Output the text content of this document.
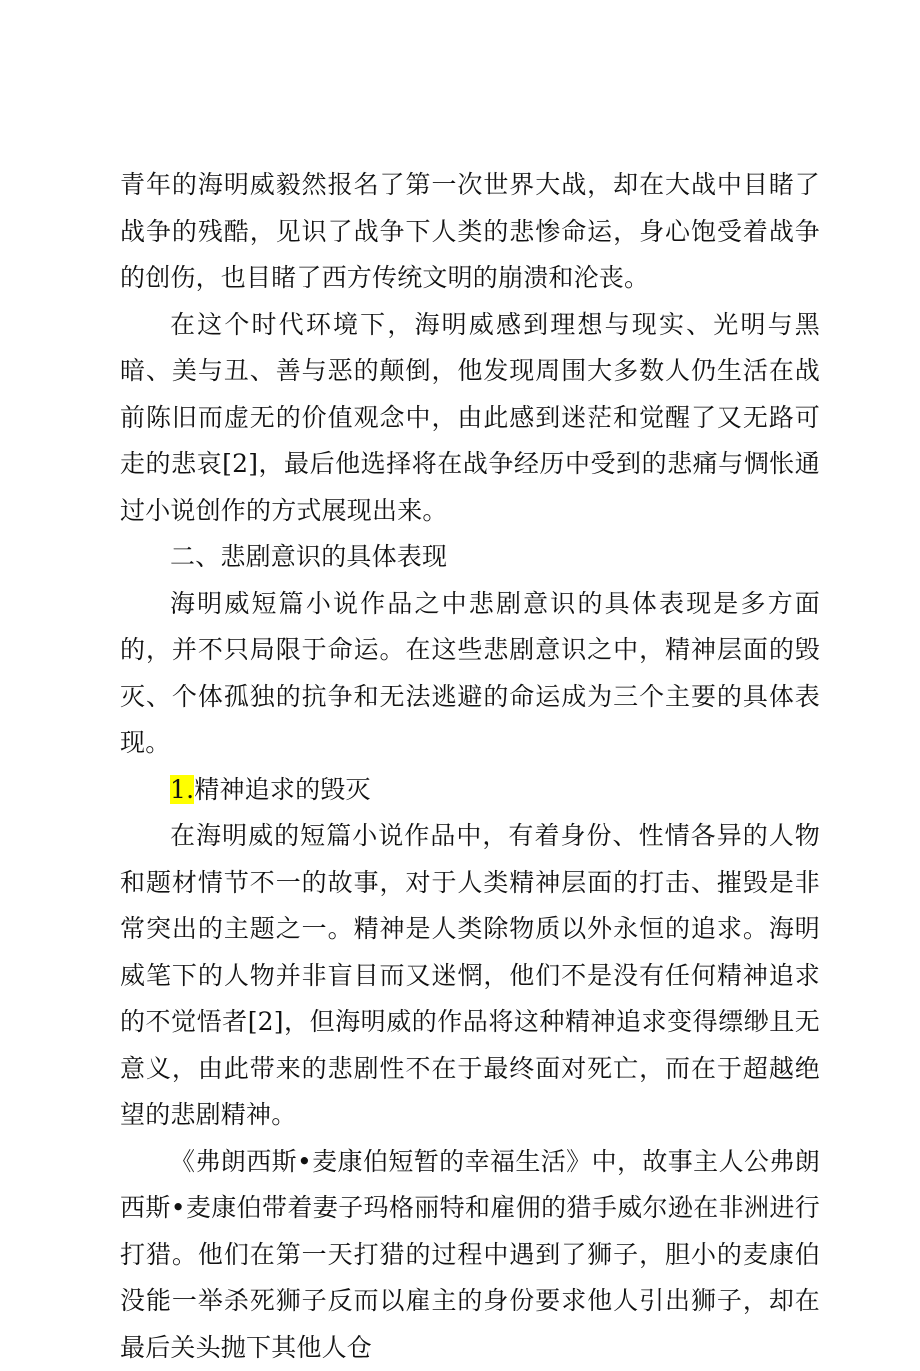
青年的海明威毅然报名了第一次世界大战，却在大战中目睹了战争的残酷，见识了战争下人类的悲惨命运，身心饱受着战争的创伤，也目睹了西方传统文明的崩溃和沦丧。

在这个时代环境下，海明威感到理想与现实、光明与黑暗、美与丑、善与恶的颠倒，他发现周围大多数人仍生活在战前陈旧而虚无的价值观念中，由此感到迷茫和觉醒了又无路可走的悲哀[2]，最后他选择将在战争经历中受到的悲痛与惆怅通过小说创作的方式展现出来。

二、悲剧意识的具体表现

海明威短篇小说作品之中悲剧意识的具体表现是多方面的，并不只局限于命运。在这些悲剧意识之中，精神层面的毁灭、个体孤独的抗争和无法逃避的命运成为三个主要的具体表现。

1.精神追求的毁灭

在海明威的短篇小说作品中，有着身份、性情各异的人物和题材情节不一的故事，对于人类精神层面的打击、摧毁是非常突出的主题之一。精神是人类除物质以外永恒的追求。海明威笔下的人物并非盲目而又迷惘，他们不是没有任何精神追求的不觉悟者[2]，但海明威的作品将这种精神追求变得缥缈且无意义，由此带来的悲剧性不在于最终面对死亡，而在于超越绝望的悲剧精神。

《弗朗西斯•麦康伯短暂的幸福生活》中，故事主人公弗朗西斯•麦康伯带着妻子玛格丽特和雇佣的猎手威尔逊在非洲进行打猎。他们在第一天打猎的过程中遇到了狮子，胆小的麦康伯没能一举杀死狮子反而以雇主的身份要求他人引出狮子，却在最后关头抛下其他人仓
